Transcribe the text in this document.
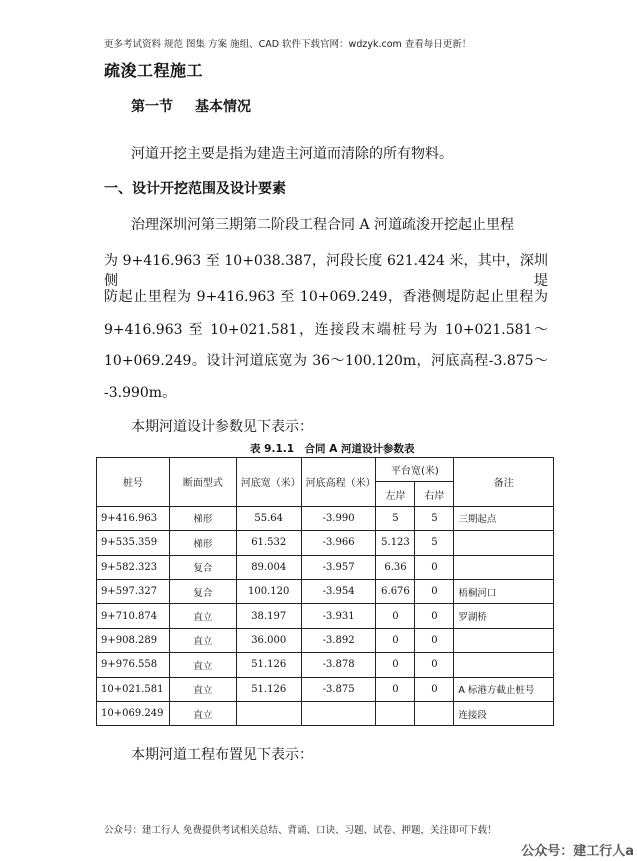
更多考试资料 规范 图集 方案 施组、CAD 软件下载官网：wdzyk.com 查看每日更新！
疏浚工程施工
第一节 基本情况
河道开挖主要是指为建造主河道而清除的所有物料。
一、设计开挖范围及设计要素
治理深圳河第三期第二阶段工程合同 A 河道疏浚开挖起止里程
为 9+416.963 至 10+038.387，河段长度 621.424 米，其中，深圳侧堤
防起止里程为 9+416.963 至 10+069.249，香港侧堤防起止里程为
9+416.963 至 10+021.581，连接段末端桩号为 10+021.581～
10+069.249。设计河道底宽为 36～100.120m，河底高程-3.875～
-3.990m。
本期河道设计参数见下表示：
表 9.1.1　合同 A 河道设计参数表
桩号	断面型式	河底宽（米）	河底高程（米）	平台宽(米)		备注
				左岸	右岸	
9+416.963	梯形	55.64	-3.990	5	5	三期起点
9+535.359	梯形	61.532	-3.966	5.123	5	
9+582.323	复合	89.004	-3.957	6.36	0	
9+597.327	复合	100.120	-3.954	6.676	0	梧桐河口
9+710.874	直立	38.197	-3.931	0	0	罗湖桥
9+908.289	直立	36.000	-3.892	0	0	
9+976.558	直立	51.126	-3.878	0	0	
10+021.581	直立	51.126	-3.875	0	0	A 标港方截止桩号
10+069.249	直立					连接段
本期河道工程布置见下表示：
公众号：建工行人 免费提供考试相关总结、背诵、口诀、习题、试卷、押题，关注即可下载！
公众号：建工行人a
